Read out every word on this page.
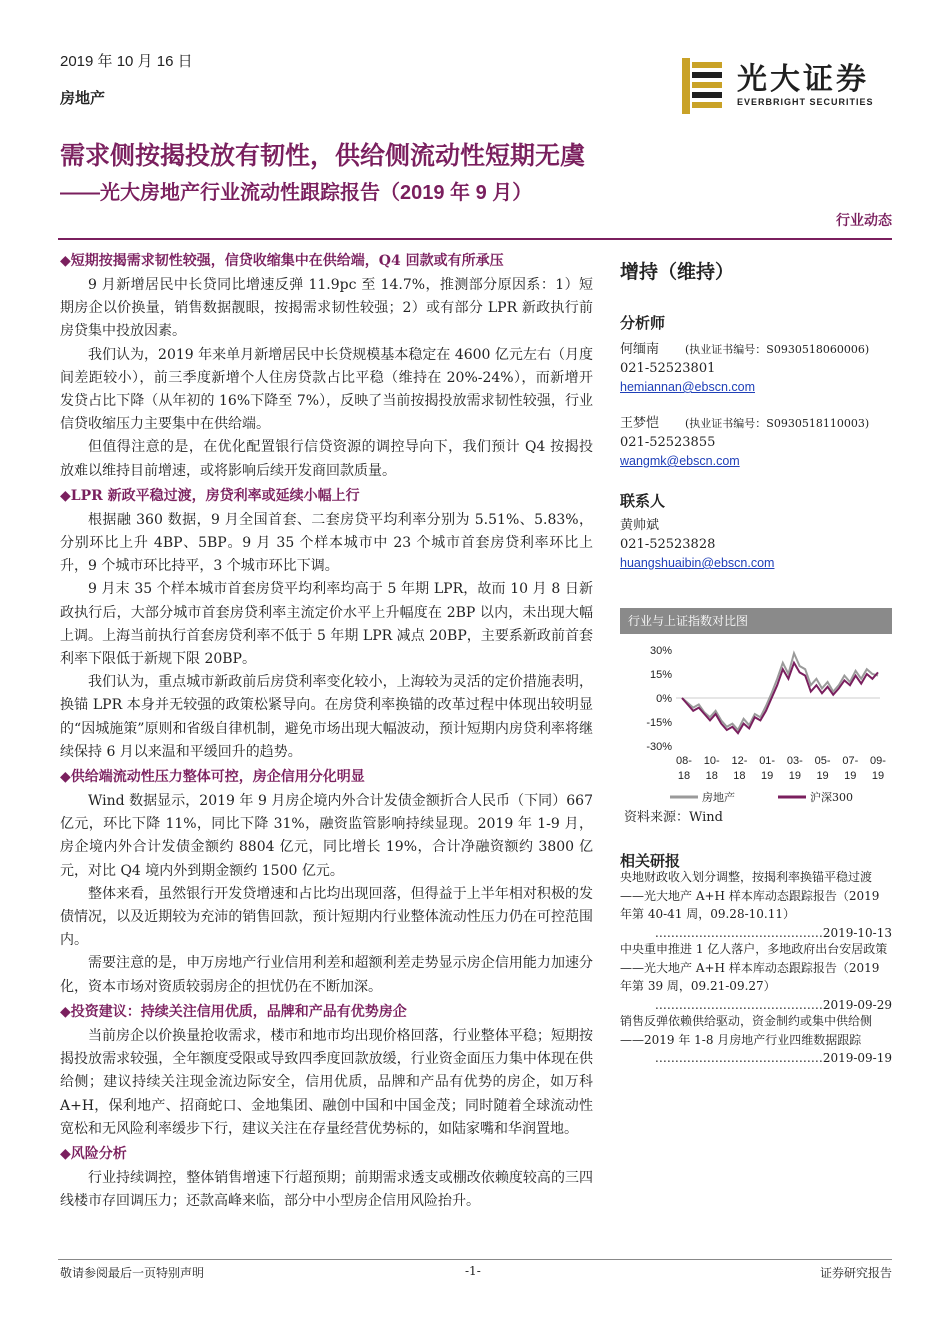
2019 年 10 月 16 日
房地产
光大证券
EVERBRIGHT SECURITIES
需求侧按揭投放有韧性，供给侧流动性短期无虞
——光大房地产行业流动性跟踪报告（2019 年 9 月）
行业动态
◆短期按揭需求韧性较强，信贷收缩集中在供给端，Q4 回款或有所承压

9 月新增居民中长贷同比增速反弹 11.9pc 至 14.7%，推测部分原因系：1）短期房企以价换量，销售数据靓眼，按揭需求韧性较强；2）或有部分 LPR 新政执行前房贷集中投放因素。

我们认为，2019 年来单月新增居民中长贷规模基本稳定在 4600 亿元左右（月度间差距较小），前三季度新增个人住房贷款占比平稳（维持在 20%-24%），而新增开发贷占比下降（从年初的 16%下降至 7%），反映了当前按揭投放需求韧性较强，行业信贷收缩压力主要集中在供给端。

但值得注意的是，在优化配置银行信贷资源的调控导向下，我们预计 Q4 按揭投放难以维持目前增速，或将影响后续开发商回款质量。

◆LPR 新政平稳过渡，房贷利率或延续小幅上行

根据融 360 数据，9 月全国首套、二套房贷平均利率分别为 5.51%、5.83%，分别环比上升 4BP、5BP。9 月 35 个样本城市中 23 个城市首套房贷利率环比上升，9 个城市环比持平，3 个城市环比下调。

9 月末 35 个样本城市首套房贷平均利率均高于 5 年期 LPR，故而 10 月 8 日新政执行后，大部分城市首套房贷利率主流定价水平上升幅度在 2BP 以内，未出现大幅上调。上海当前执行首套房贷利率不低于 5 年期 LPR 减点 20BP，主要系新政前首套利率下限低于新规下限 20BP。

我们认为，重点城市新政前后房贷利率变化较小，上海较为灵活的定价措施表明，换锚 LPR 本身并无较强的政策松紧导向。在房贷利率换锚的改革过程中体现出较明显的“因城施策”原则和省级自律机制，避免市场出现大幅波动，预计短期内房贷利率将继续保持 6 月以来温和平缓回升的趋势。

◆供给端流动性压力整体可控，房企信用分化明显

Wind 数据显示，2019 年 9 月房企境内外合计发债金额折合人民币（下同）667 亿元，环比下降 11%，同比下降 31%，融资监管影响持续显现。2019 年 1-9 月，房企境内外合计发债金额约 8804 亿元，同比增长 19%，合计净融资额约 3800 亿元，对比 Q4 境内外到期金额约 1500 亿元。

整体来看，虽然银行开发贷增速和占比均出现回落，但得益于上半年相对积极的发债情况，以及近期较为充沛的销售回款，预计短期内行业整体流动性压力仍在可控范围内。

需要注意的是，申万房地产行业信用利差和超额利差走势显示房企信用能力加速分化，资本市场对资质较弱房企的担忧仍在不断加深。

◆投资建议：持续关注信用优质，品牌和产品有优势房企

当前房企以价换量抢收需求，楼市和地市均出现价格回落，行业整体平稳；短期按揭投放需求较强，全年额度受限或导致四季度回款放缓，行业资金面压力集中体现在供给侧；建议持续关注现金流边际安全，信用优质，品牌和产品有优势的房企，如万科 A+H，保利地产、招商蛇口、金地集团、融创中国和中国金茂；同时随着全球流动性宽松和无风险利率缓步下行，建议关注在存量经营优势标的，如陆家嘴和华润置地。

◆风险分析

行业持续调控，整体销售增速下行超预期；前期需求透支或棚改依赖度较高的三四线楼市存回调压力；还款高峰来临，部分中小型房企信用风险抬升。

增持（维持）
分析师
何缅南 (执业证书编号：S0930518060006)
021-52523801
hemiannan@ebscn.com
王梦恺 (执业证书编号：S0930518110003)
021-52523855
wangmk@ebscn.com
联系人
黄帅斌
021-52523828
huangshuaibin@ebscn.com
行业与上证指数对比图
30%
15%
0%
-15%
-30%
08-
18
10-
18
12-
18
01-
19
03-
19
05-
19
07-
19
09-
19
房地产	沪深300
资料来源：Wind
相关研报
央地财政收入划分调整，按揭利率换锚平稳过渡——光大地产 A+H 样本库动态跟踪报告（2019 年第 40-41 周，09.28-10.11）
……………………………………2019-10-13
中央重申推进 1 亿人落户，多地政府出台安居政策——光大地产 A+H 样本库动态跟踪报告（2019 年第 39 周，09.21-09.27）
……………………………………2019-09-29
销售反弹依赖供给驱动，资金制约或集中供给侧——2019 年 1-8 月房地产行业四维数据跟踪
……………………………………2019-09-19
敬请参阅最后一页特别声明	-1-	证券研究报告
